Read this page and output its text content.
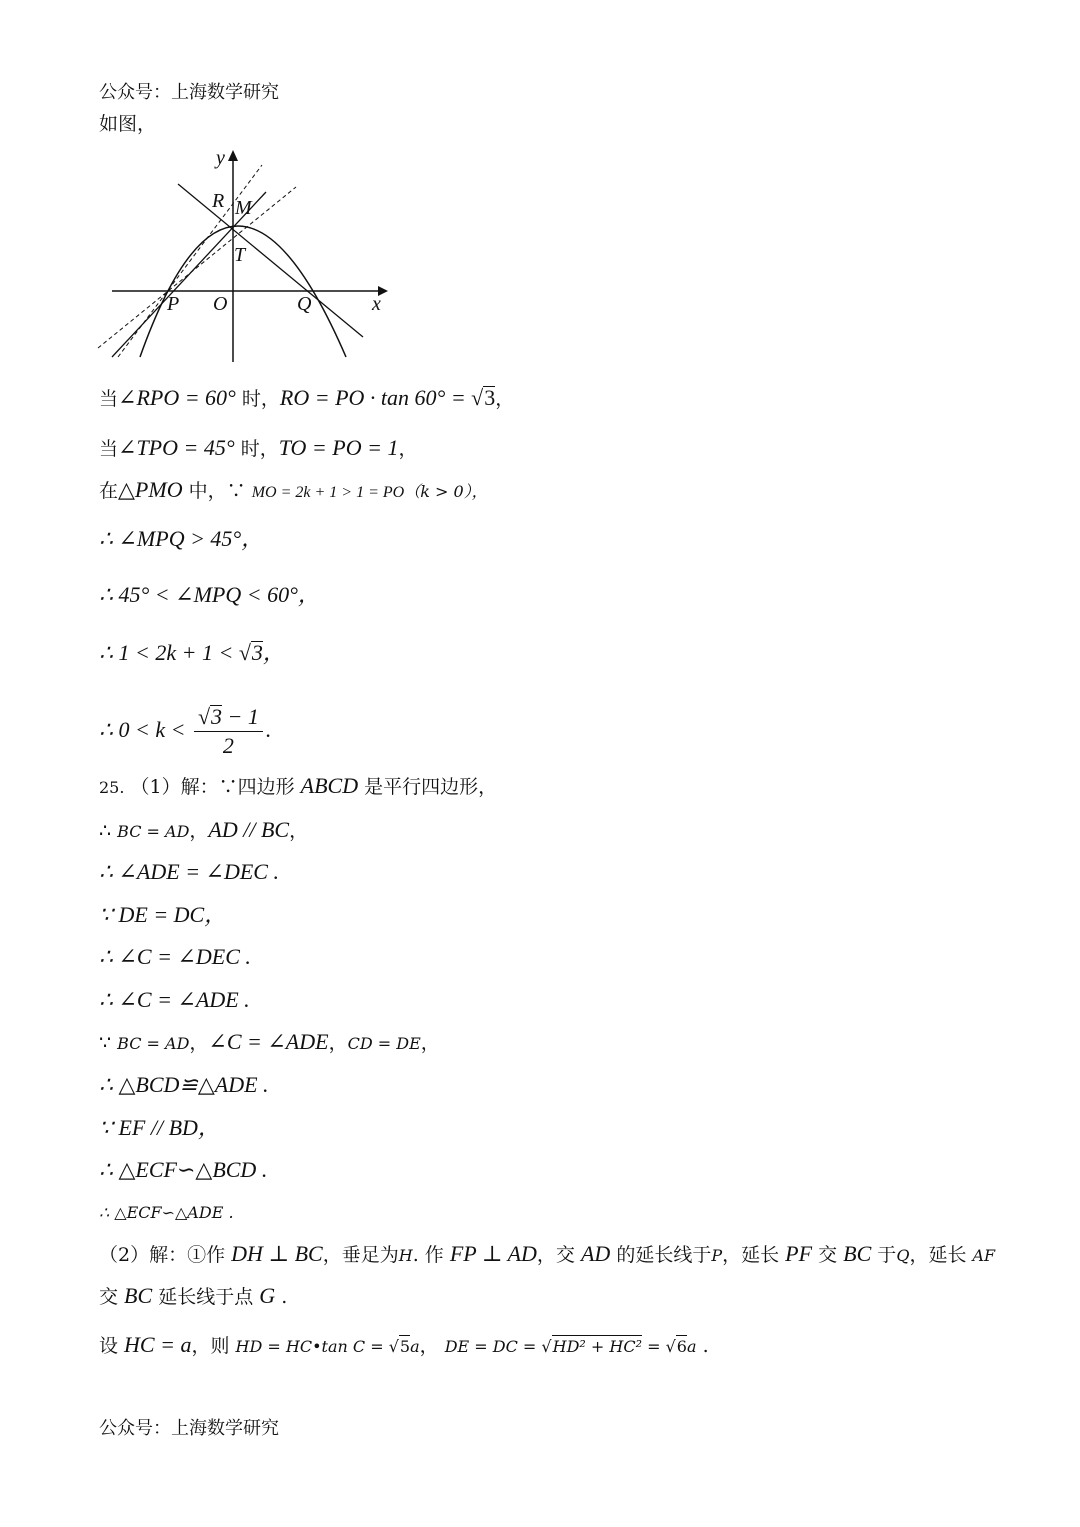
公众号：上海数学研究
如图，
y
x
R M
T
P O	Q
当∠RPO = 60° 时，RO = PO · tan 60° = √3，
当∠TPO = 45° 时，TO = PO = 1，
在△PMO 中，∵ MO = 2k + 1 > 1 = PO（k > 0），
∴ ∠MPQ > 45°，
∴ 45° < ∠MPQ < 60°，
∴ 1 < 2k + 1 < √3，
∴ $0 < k < \frac{√3 - 1}{2}$ .
25. （1）解：∵四边形 ABCD 是平行四边形，
∴ BC = AD，AD // BC，
∴ ∠ADE = ∠DEC .
∵ DE = DC，
∴ ∠C = ∠DEC .
∴ ∠C = ∠ADE .
∵ BC = AD，∠C = ∠ADE，CD = DE，
∴ △BCD≌△ADE .
∵ EF // BD，
∴ △ECF∽△BCD .
∴ △ECF∽△ADE .
（2）解：①作 DH ⊥ BC，垂足为H. 作 FP ⊥ AD，交 AD 的延长线于P，延长 PF 交 BC 于Q，延长 AF
交 BC 延长线于点 G .
设 HC = a，则 HD = HC•tan C = √5a， DE = DC = √HD² + HC² = √6a .
公众号：上海数学研究
